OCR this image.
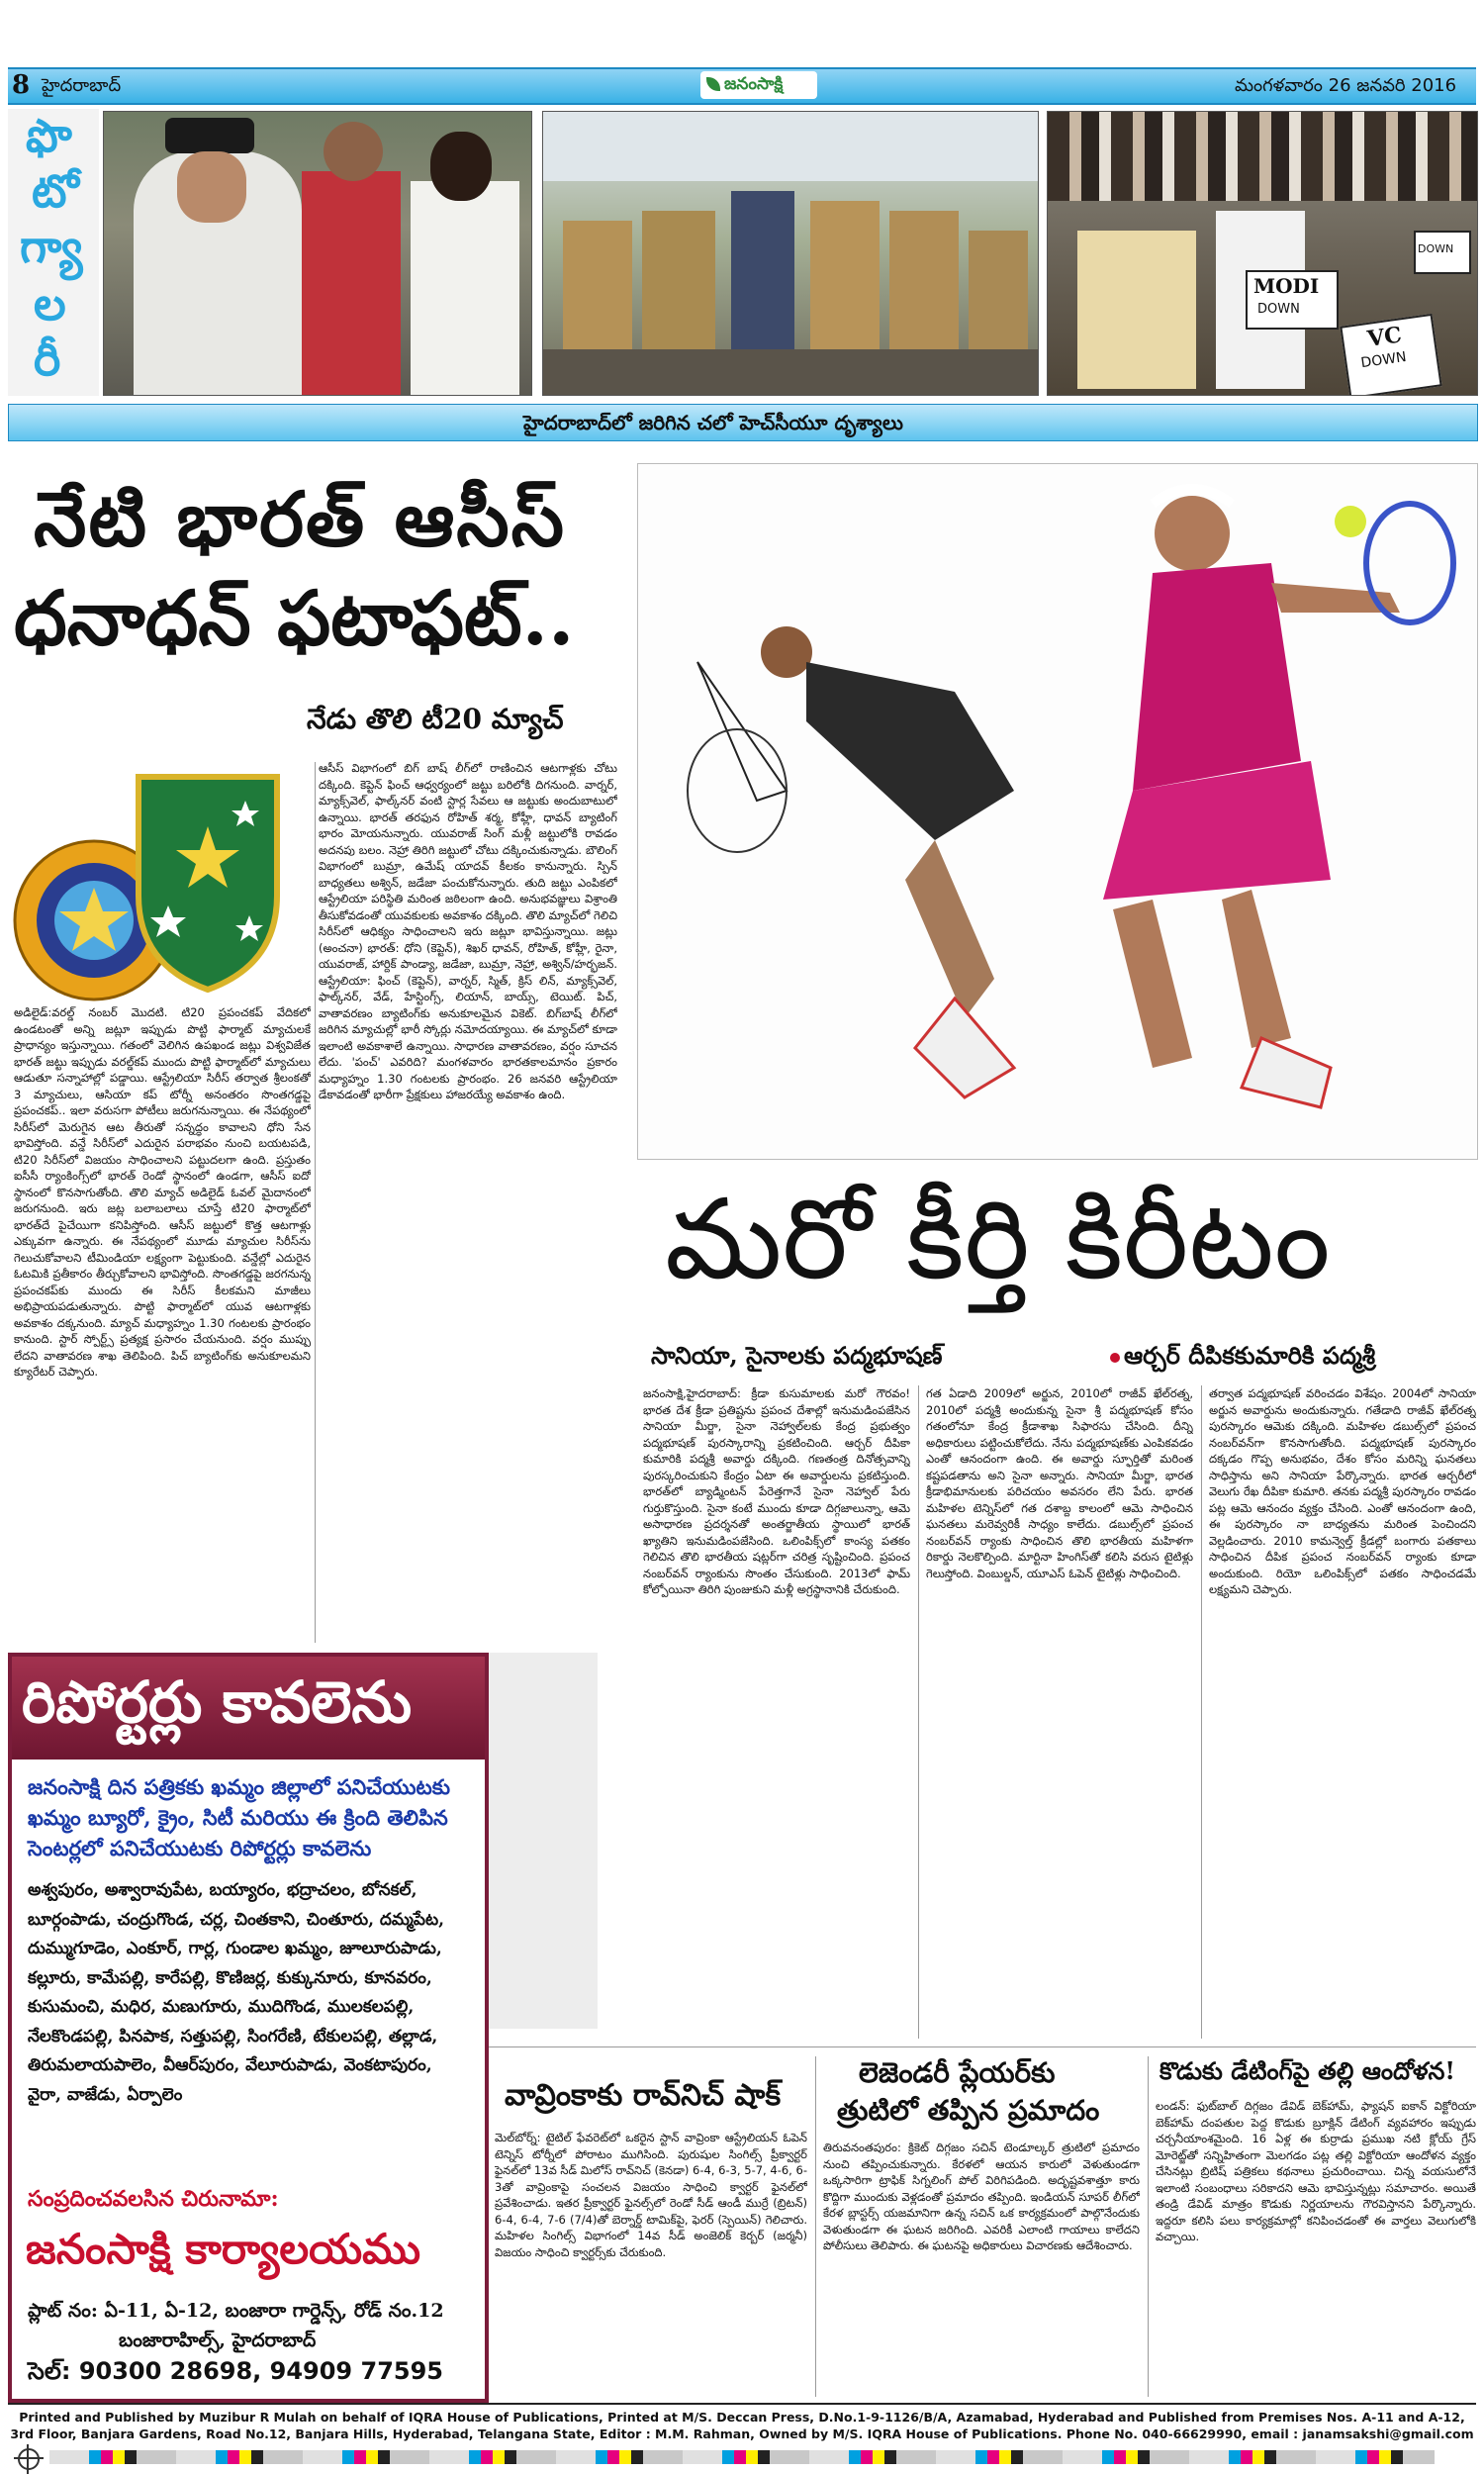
8 హైదరాబాద్	జనంసాక్షి	మంగళవారం 26 జనవరి 2016
ఫొ
టో
గ్యా
ల
రీ
MODI
DOWN
VC
DOWN
DOWN
హైదరాబాద్‌లో జరిగిన చలో హెచ్‌సీయూ దృశ్యాలు
నేటి భారత్ ఆసీస్
ధనాధన్ ఫటాఫట్..
నేడు తొలి టీ20 మ్యాచ్

అడిలైడ్:వరల్డ్ నంబర్ మొదటి. టి20 ప్రపంచకప్ వేదికలో ఉండటంతో అన్ని జట్లూ ఇప్పుడు పొట్టి ఫార్మాట్ మ్యాచులకే ప్రాధాన్యం ఇస్తున్నాయి. గతంలో వెలిగిన ఉపఖండ జట్లు విశ్వవిజేత భారత్ జట్టు ఇప్పుడు వరల్డ్‌కప్ ముందు పొట్టి ఫార్మాట్‌లో మ్యాచులు ఆడుతూ సన్నాహాల్లో పడ్డాయి. ఆస్ట్రేలియా సిరీస్ తర్వాత శ్రీలంకతో 3 మ్యాచులు, ఆసియా కప్ టోర్నీ అనంతరం సొంతగడ్డపై ప్రపంచకప్.. ఇలా వరుసగా పోటీలు జరుగనున్నాయి. ఈ నేపథ్యంలో సిరీస్‌లో మెరుగైన ఆట తీరుతో సన్నద్ధం కావాలని ధోని సేన భావిస్తోంది. వన్డే సిరీస్‌లో ఎదురైన పరాభవం నుంచి బయటపడి, టి20 సిరీస్‌లో విజయం సాధించాలని పట్టుదలగా ఉంది. ప్రస్తుతం ఐసీసీ ర్యాంకింగ్స్‌లో భారత్ రెండో స్థానంలో ఉండగా, ఆసీస్ ఐదో స్థానంలో కొనసాగుతోంది. తొలి మ్యాచ్ అడిలైడ్ ఓవల్ మైదానంలో జరుగనుంది. ఇరు జట్ల బలాబలాలు చూస్తే టి20 ఫార్మాట్‌లో భారత్‌దే పైచేయిగా కనిపిస్తోంది. ఆసీస్ జట్టులో కొత్త ఆటగాళ్లు ఎక్కువగా ఉన్నారు. ఈ నేపథ్యంలో మూడు మ్యాచుల సిరీస్‌ను గెలుచుకోవాలని టీమిండియా లక్ష్యంగా పెట్టుకుంది. వన్డేల్లో ఎదురైన ఓటమికి ప్రతీకారం తీర్చుకోవాలని భావిస్తోంది. సొంతగడ్డపై జరగనున్న ప్రపంచకప్‌కు ముందు ఈ సిరీస్ కీలకమని మాజీలు అభిప్రాయపడుతున్నారు. పొట్టి ఫార్మాట్‌లో యువ ఆటగాళ్లకు అవకాశం దక్కనుంది. మ్యాచ్ మధ్యాహ్నం 1.30 గంటలకు ప్రారంభం కానుంది. స్టార్ స్పోర్ట్స్ ప్రత్యక్ష ప్రసారం చేయనుంది. వర్షం ముప్పు లేదని వాతావరణ శాఖ తెలిపింది. పిచ్ బ్యాటింగ్‌కు అనుకూలమని క్యూరేటర్ చెప్పారు.

ఆసీస్ విభాగంలో బిగ్ బాష్ లీగ్‌లో రాణించిన ఆటగాళ్లకు చోటు దక్కింది. కెప్టెన్ ఫించ్ ఆధ్వర్యంలో జట్టు బరిలోకి దిగనుంది. వార్నర్, మ్యాక్స్‌వెల్, ఫాల్క్‌నర్ వంటి స్టార్ల సేవలు ఆ జట్టుకు అందుబాటులో ఉన్నాయి. భారత్ తరఫున రోహిత్ శర్మ, కోహ్లీ, ధావన్ బ్యాటింగ్ భారం మోయనున్నారు. యువరాజ్ సింగ్ మళ్లీ జట్టులోకి రావడం అదనపు బలం. నెహ్రా తిరిగి జట్టులో చోటు దక్కించుకున్నాడు. బౌలింగ్ విభాగంలో బుమ్రా, ఉమేష్ యాదవ్ కీలకం కానున్నారు. స్పిన్ బాధ్యతలు అశ్విన్, జడేజా పంచుకోనున్నారు. తుది జట్టు ఎంపికలో ఆస్ట్రేలియా పరిస్థితి మరింత జఠిలంగా ఉంది. అనుభవజ్ఞులు విశ్రాంతి తీసుకోవడంతో యువకులకు అవకాశం దక్కింది. తొలి మ్యాచ్‌లో గెలిచి సిరీస్‌లో ఆధిక్యం సాధించాలని ఇరు జట్లూ భావిస్తున్నాయి. జట్లు (అంచనా) భారత్: ధోని (కెప్టెన్), శిఖర్ ధావన్, రోహిత్, కోహ్లీ, రైనా, యువరాజ్, హార్దిక్ పాండ్యా, జడేజా, బుమ్రా, నెహ్రా, అశ్విన్/హర్భజన్. ఆస్ట్రేలియా: ఫించ్ (కెప్టెన్), వార్నర్, స్మిత్, క్రిస్ లిన్, మ్యాక్స్‌వెల్, ఫాల్క్‌నర్, వేడ్, హేస్టింగ్స్, లియాన్, బాయ్స్, టెయిట్. పిచ్, వాతావరణం బ్యాటింగ్‌కు అనుకూలమైన వికెట్. బిగ్‌బాష్ లీగ్‌లో జరిగిన మ్యాచుల్లో భారీ స్కోర్లు నమోదయ్యాయి. ఈ మ్యాచ్‌లో కూడా ఇలాంటి అవకాశాలే ఉన్నాయి. సాధారణ వాతావరణం, వర్షం సూచన లేదు. 'పంచ్' ఎవరిది? మంగళవారం భారతకాలమానం ప్రకారం మధ్యాహ్నం 1.30 గంటలకు ప్రారంభం. 26 జనవరి ఆస్ట్రేలియా డేకావడంతో భారీగా ప్రేక్షకులు హాజరయ్యే అవకాశం ఉంది.

రిపోర్టర్లు కావలెను
జనంసాక్షి దిన పత్రికకు ఖమ్మం జిల్లాలో పనిచేయుటకు ఖమ్మం బ్యూరో, క్రైం, సిటీ మరియు ఈ క్రింది తెలిపిన సెంటర్లలో పనిచేయుటకు రిపోర్టర్లు కావలెను
అశ్వపురం, అశ్వారావుపేట, బయ్యారం, భద్రాచలం, బోనకల్, బూర్గంపాడు, చంద్రుగొండ, చర్ల, చింతకాని, చింతూరు, దమ్మపేట, దుమ్ముగూడెం, ఎంకూర్, గార్ల, గుండాల ఖమ్మం, జూలూరుపాడు, కల్లూరు, కామేపల్లి, కారేపల్లి, కొణిజర్ల, కుక్కునూరు, కూనవరం, కుసుమంచి, మధిర, మణుగూరు, ముదిగొండ, ములకలపల్లి, నేలకొండపల్లి, పినపాక, సత్తుపల్లి, సింగరేణి, టేకులపల్లి, తల్లాడ, తిరుమలాయపాలెం, వీఆర్‌పురం, వేలూరుపాడు, వెంకటాపురం, వైరా, వాజేడు, ఏర్పాలెం
సంప్రదించవలసిన చిరునామా:
జనంసాక్షి కార్యాలయము
ప్లాట్ నం: ఏ-11, ఏ-12, బంజారా గార్డెన్స్, రోడ్ నం.12
బంజారాహిల్స్, హైదరాబాద్
సెల్: 90300 28698, 94909 77595
మరో కీర్తి కిరీటం
సానియా, సైనాలకు పద్మభూషణ్	ఆర్చర్ దీపికకుమారికి పద్మశ్రీ

జనంసాక్షి,హైదరాబాద్: క్రీడా కుసుమాలకు మరో గౌరవం! భారత దేశ క్రీడా ప్రతిష్టను ప్రపంచ దేశాల్లో ఇనుమడింపజేసిన సానియా మీర్జా, సైనా నెహ్వాల్‌లకు కేంద్ర ప్రభుత్వం పద్మభూషణ్ పురస్కారాన్ని ప్రకటించింది. ఆర్చర్ దీపికా కుమారికి పద్మశ్రీ అవార్డు దక్కింది. గణతంత్ర దినోత్సవాన్ని పురస్కరించుకుని కేంద్రం ఏటా ఈ అవార్డులను ప్రకటిస్తుంది. భారత్‌లో బ్యాడ్మింటన్ పేరెత్తగానే సైనా నెహ్వాల్ పేరు గుర్తుకొస్తుంది. సైనా కంటే ముందు కూడా దిగ్గజాలున్నా, ఆమె అసాధారణ ప్రదర్శనతో అంతర్జాతీయ స్థాయిలో భారత్ ఖ్యాతిని ఇనుమడింపజేసింది. ఒలింపిక్స్‌లో కాంస్య పతకం గెలిచిన తొలి భారతీయ షట్లర్‌గా చరిత్ర సృష్టించింది. ప్రపంచ నంబర్‌వన్ ర్యాంకును సొంతం చేసుకుంది. 2013లో ఫామ్ కోల్పోయినా తిరిగి పుంజుకుని మళ్లీ అగ్రస్థానానికి చేరుకుంది.

గత ఏడాది 2009లో అర్జున, 2010లో రాజీవ్ ఖేల్‌రత్న, 2010లో పద్మశ్రీ అందుకున్న సైనా శ్రీ పద్మభూషణ్ కోసం గతంలోనూ కేంద్ర క్రీడాశాఖ సిఫారసు చేసింది. దీన్ని అధికారులు పట్టించుకోలేదు. నేను పద్మభూషణ్‌కు ఎంపికవడం ఎంతో ఆనందంగా ఉంది. ఈ అవార్డు స్ఫూర్తితో మరింత కష్టపడతాను అని సైనా అన్నారు. సానియా మీర్జా, భారత క్రీడాభిమానులకు పరిచయం అవసరం లేని పేరు. భారత మహిళల టెన్నిస్‌లో గత దశాబ్ద కాలంలో ఆమె సాధించిన ఘనతలు మరెవ్వరికీ సాధ్యం కాలేదు. డబుల్స్‌లో ప్రపంచ నంబర్‌వన్ ర్యాంకు సాధించిన తొలి భారతీయ మహిళగా రికార్డు నెలకొల్పింది. మార్టినా హింగిస్‌తో కలిసి వరుస టైటిళ్లు గెలుస్తోంది. వింబుల్డన్, యూఎస్ ఓపెన్ టైటిళ్లు సాధించింది.

తర్వాత పద్మభూషణ్ వరించడం విశేషం. 2004లో సానియా అర్జున అవార్డును అందుకున్నారు. గతేడాది రాజీవ్ ఖేల్‌రత్న పురస్కారం ఆమెకు దక్కింది. మహిళల డబుల్స్‌లో ప్రపంచ నంబర్‌వన్‌గా కొనసాగుతోంది. పద్మభూషణ్ పురస్కారం దక్కడం గొప్ప అనుభవం, దేశం కోసం మరిన్ని ఘనతలు సాధిస్తాను అని సానియా పేర్కొన్నారు. భారత ఆర్చరీలో వెలుగు రేఖ దీపికా కుమారి. తనకు పద్మశ్రీ పురస్కారం రావడం పట్ల ఆమె ఆనందం వ్యక్తం చేసింది. ఎంతో ఆనందంగా ఉంది, ఈ పురస్కారం నా బాధ్యతను మరింత పెంచిందని వెల్లడించారు. 2010 కామన్వెల్త్ క్రీడల్లో బంగారు పతకాలు సాధించిన దీపిక ప్రపంచ నంబర్‌వన్ ర్యాంకు కూడా అందుకుంది. రియో ఒలింపిక్స్‌లో పతకం సాధించడమే లక్ష్యమని చెప్పారు.

వావ్రింకాకు రావ్‌నిచ్ షాక్

మెల్‌బోర్న్: టైటిల్ ఫేవరెట్‌లో ఒకరైన స్టాన్ వావ్రింకా ఆస్ట్రేలియన్ ఓపెన్ టెన్నిస్ టోర్నీలో పోరాటం ముగిసింది. పురుషుల సింగిల్స్ ప్రీక్వార్టర్ ఫైనల్‌లో 13వ సీడ్ మిలోస్ రావ్‌నిచ్ (కెనడా) 6-4, 6-3, 5-7, 4-6, 6-3తో వావ్రింకాపై సంచలన విజయం సాధించి క్వార్టర్ ఫైనల్‌లో ప్రవేశించాడు. ఇతర ప్రీక్వార్టర్ ఫైనల్స్‌లో రెండో సీడ్ ఆండీ ముర్రే (బ్రిటన్) 6-4, 6-4, 7-6 (7/4)తో బెర్నార్డ్ టామిక్‌పై, ఫెరర్ (స్పెయిన్) గెలిచారు. మహిళల సింగిల్స్ విభాగంలో 14వ సీడ్ అంజెలిక్ కెర్బర్ (జర్మనీ) విజయం సాధించి క్వార్టర్స్‌కు చేరుకుంది.

లెజెండరీ ప్లేయర్‌కు
త్రుటిలో తప్పిన ప్రమాదం

తిరువనంతపురం: క్రికెట్ దిగ్గజం సచిన్ టెండూల్కర్ త్రుటిలో ప్రమాదం నుంచి తప్పించుకున్నారు. కేరళలో ఆయన కారులో వెళుతుండగా ఒక్కసారిగా ట్రాఫిక్ సిగ్నలింగ్ పోల్ విరిగిపడింది. అదృష్టవశాత్తూ కారు కొద్దిగా ముందుకు వెళ్లడంతో ప్రమాదం తప్పింది. ఇండియన్ సూపర్ లీగ్‌లో కేరళ బ్లాస్టర్స్ యజమానిగా ఉన్న సచిన్ ఒక కార్యక్రమంలో పాల్గొనేందుకు వెళుతుండగా ఈ ఘటన జరిగింది. ఎవరికీ ఎలాంటి గాయాలు కాలేదని పోలీసులు తెలిపారు. ఈ ఘటనపై అధికారులు విచారణకు ఆదేశించారు.

కొడుకు డేటింగ్‌పై తల్లి ఆందోళన!

లండన్: ఫుట్‌బాల్ దిగ్గజం డేవిడ్ బెక్‌హామ్, ఫ్యాషన్ ఐకాన్ విక్టోరియా బెక్‌హామ్ దంపతుల పెద్ద కొడుకు బ్రూక్లిన్ డేటింగ్ వ్యవహారం ఇప్పుడు చర్చనీయాంశమైంది. 16 ఏళ్ల ఈ కుర్రాడు ప్రముఖ నటి క్లోయ్ గ్రేస్ మోరెట్జ్‌తో సన్నిహితంగా మెలగడం పట్ల తల్లి విక్టోరియా ఆందోళన వ్యక్తం చేసినట్లు బ్రిటిష్ పత్రికలు కథనాలు ప్రచురించాయి. చిన్న వయసులోనే ఇలాంటి సంబంధాలు సరికాదని ఆమె భావిస్తున్నట్లు సమాచారం. అయితే తండ్రి డేవిడ్ మాత్రం కొడుకు నిర్ణయాలను గౌరవిస్తానని పేర్కొన్నారు. ఇద్దరూ కలిసి పలు కార్యక్రమాల్లో కనిపించడంతో ఈ వార్తలు వెలుగులోకి వచ్చాయి.

Printed and Published by Muzibur R Mulah on behalf of IQRA House of Publications, Printed at M/S. Deccan Press, D.No.1-9-1126/B/A, Azamabad, Hyderabad and Published from Premises Nos. A-11 and A-12, 3rd Floor, Banjara Gardens, Road No.12, Banjara Hills, Hyderabad, Telangana State, Editor : M.M. Rahman, Owned by M/S. IQRA House of Publications. Phone No. 040-66629990, email : janamsakshi@gmail.com
